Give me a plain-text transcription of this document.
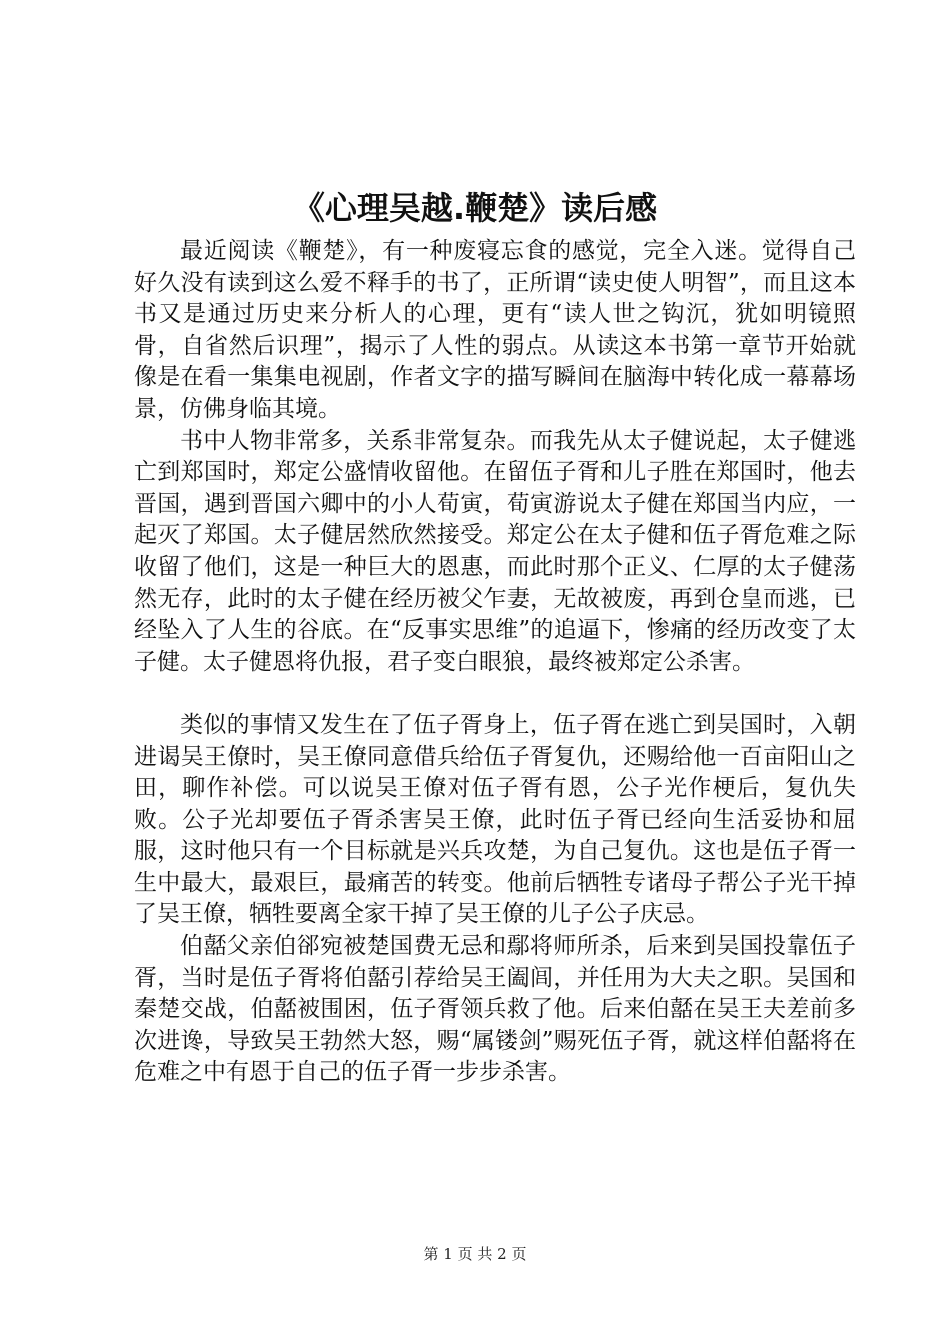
《心理吴越.鞭楚》读后感

最近阅读《鞭楚》，有一种废寝忘食的感觉，完全入迷。觉得自己好久没有读到这么爱不释手的书了，正所谓“读史使人明智”，而且这本书又是通过历史来分析人的心理，更有“读人世之钩沉，犹如明镜照骨，自省然后识理”，揭示了人性的弱点。从读这本书第一章节开始就像是在看一集集电视剧，作者文字的描写瞬间在脑海中转化成一幕幕场景，仿佛身临其境。

书中人物非常多，关系非常复杂。而我先从太子健说起，太子健逃亡到郑国时，郑定公盛情收留他。在留伍子胥和儿子胜在郑国时，他去晋国，遇到晋国六卿中的小人荀寅，荀寅游说太子健在郑国当内应，一起灭了郑国。太子健居然欣然接受。郑定公在太子健和伍子胥危难之际收留了他们，这是一种巨大的恩惠，而此时那个正义、仁厚的太子健荡然无存，此时的太子健在经历被父乍妻，无故被废，再到仓皇而逃，已经坠入了人生的谷底。在“反事实思维”的追逼下，惨痛的经历改变了太子健。太子健恩将仇报，君子变白眼狼，最终被郑定公杀害。

类似的事情又发生在了伍子胥身上，伍子胥在逃亡到吴国时，入朝进谒吴王僚时，吴王僚同意借兵给伍子胥复仇，还赐给他一百亩阳山之田，聊作补偿。可以说吴王僚对伍子胥有恩，公子光作梗后，复仇失败。公子光却要伍子胥杀害吴王僚，此时伍子胥已经向生活妥协和屈服，这时他只有一个目标就是兴兵攻楚，为自己复仇。这也是伍子胥一生中最大，最艰巨，最痛苦的转变。他前后牺牲专诸母子帮公子光干掉了吴王僚，牺牲要离全家干掉了吴王僚的儿子公子庆忌。

伯嚭父亲伯郤宛被楚国费无忌和鄢将师所杀，后来到吴国投靠伍子胥，当时是伍子胥将伯嚭引荐给吴王阖闾，并任用为大夫之职。吴国和秦楚交战，伯嚭被围困，伍子胥领兵救了他。后来伯嚭在吴王夫差前多次进谗，导致吴王勃然大怒，赐“属镂剑”赐死伍子胥，就这样伯嚭将在危难之中有恩于自己的伍子胥一步步杀害。

第 1 页 共 2 页
